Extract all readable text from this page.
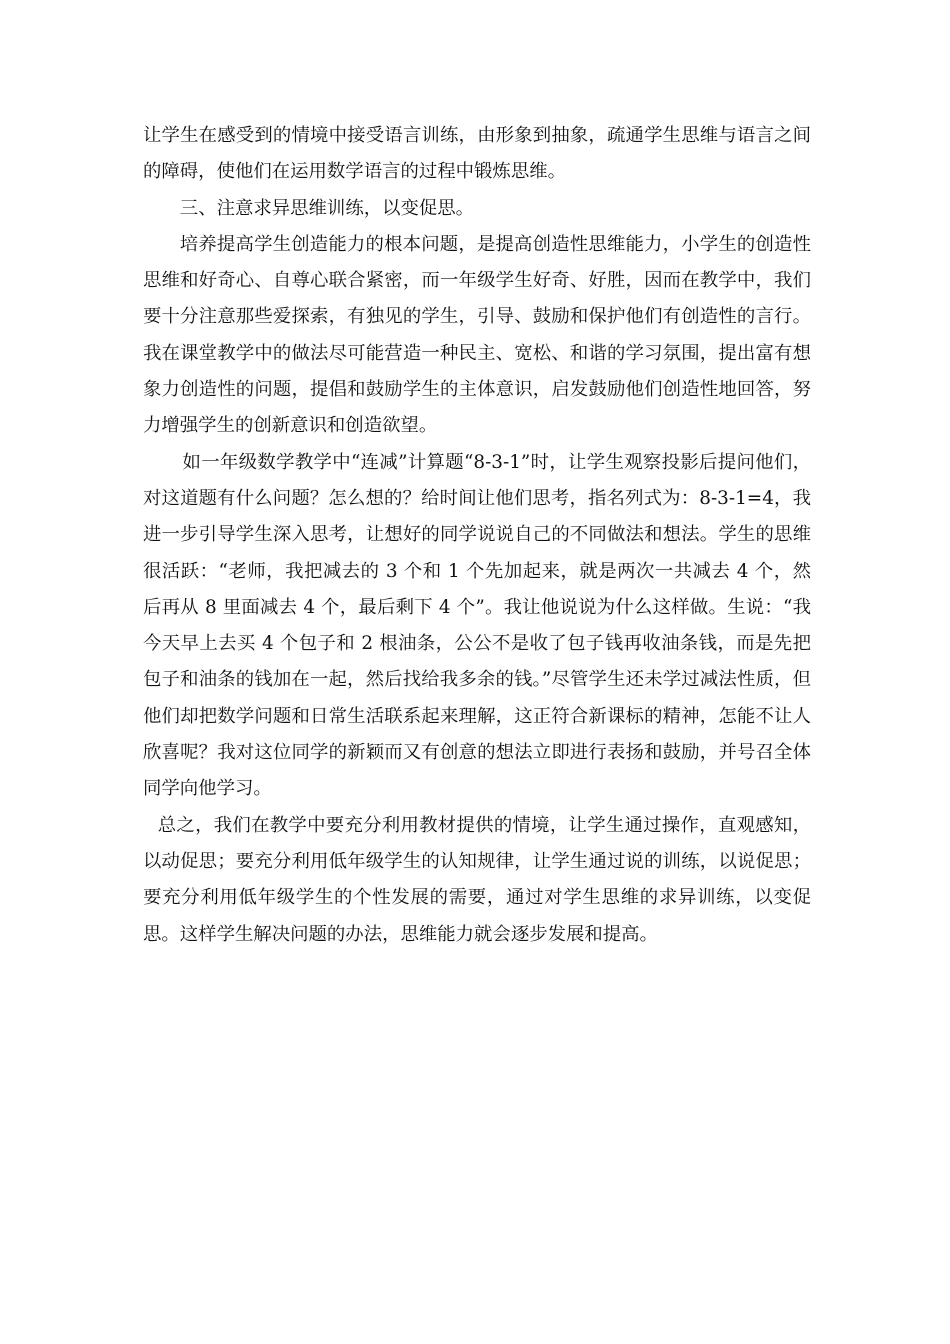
让学生在感受到的情境中接受语言训练，由形象到抽象，疏通学生思维与语言之间的障碍，使他们在运用数学语言的过程中锻炼思维。

三、注意求异思维训练，以变促思。

培养提高学生创造能力的根本问题，是提高创造性思维能力，小学生的创造性思维和好奇心、自尊心联合紧密，而一年级学生好奇、好胜，因而在教学中，我们要十分注意那些爱探索，有独见的学生，引导、鼓励和保护他们有创造性的言行。我在课堂教学中的做法尽可能营造一种民主、宽松、和谐的学习氛围，提出富有想象力创造性的问题，提倡和鼓励学生的主体意识，启发鼓励他们创造性地回答，努力增强学生的创新意识和创造欲望。

如一年级数学教学中“连减”计算题“8-3-1”时，让学生观察投影后提问他们，对这道题有什么问题？怎么想的？给时间让他们思考，指名列式为：8-3-1=4，我进一步引导学生深入思考，让想好的同学说说自己的不同做法和想法。学生的思维很活跃：“老师，我把减去的 3 个和 1 个先加起来，就是两次一共减去 4 个，然后再从 8 里面减去 4 个，最后剩下 4 个”。我让他说说为什么这样做。生说：“我今天早上去买 4 个包子和 2 根油条，公公不是收了包子钱再收油条钱，而是先把包子和油条的钱加在一起，然后找给我多余的钱。”尽管学生还未学过减法性质，但他们却把数学问题和日常生活联系起来理解，这正符合新课标的精神，怎能不让人欣喜呢？我对这位同学的新颖而又有创意的想法立即进行表扬和鼓励，并号召全体同学向他学习。

总之，我们在教学中要充分利用教材提供的情境，让学生通过操作，直观感知，以动促思；要充分利用低年级学生的认知规律，让学生通过说的训练，以说促思；要充分利用低年级学生的个性发展的需要，通过对学生思维的求异训练，以变促思。这样学生解决问题的办法，思维能力就会逐步发展和提高。
